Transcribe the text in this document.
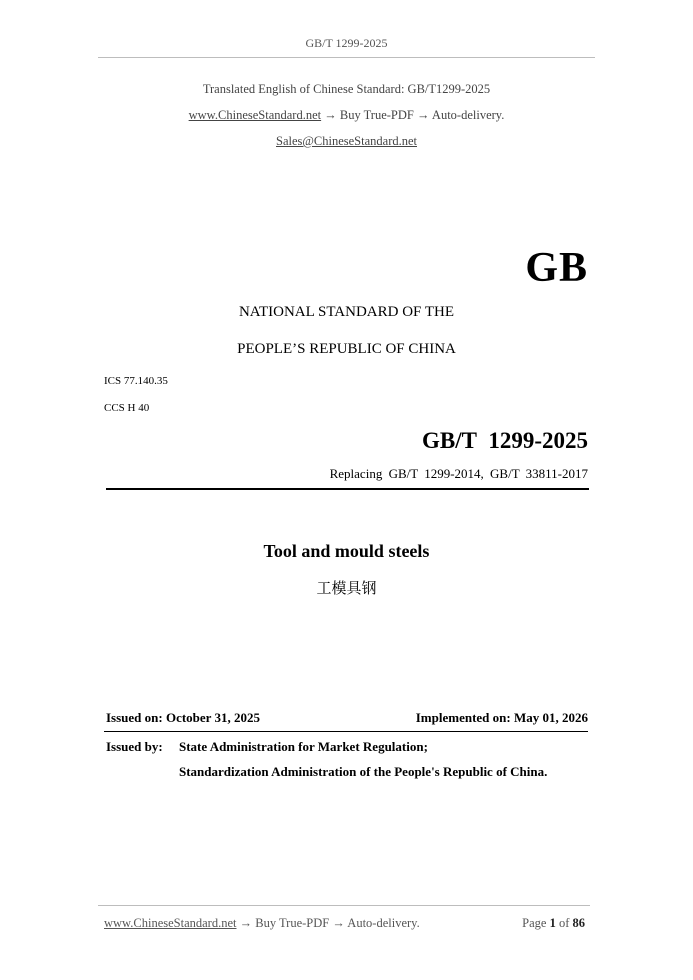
GB/T 1299-2025
Translated English of Chinese Standard: GB/T1299-2025
www.ChineseStandard.net → Buy True-PDF → Auto-delivery.
Sales@ChineseStandard.net
GB
NATIONAL STANDARD OF THE
PEOPLE’S REPUBLIC OF CHINA
ICS 77.140.35
CCS H 40
GB/T 1299-2025
Replacing GB/T 1299-2014, GB/T 33811-2017
Tool and mould steels
工模具钢
Issued on: October 31, 2025	Implemented on: May 01, 2026
Issued by: State Administration for Market Regulation;
Standardization Administration of the People's Republic of China.
www.ChineseStandard.net → Buy True-PDF → Auto-delivery.	Page 1 of 86
